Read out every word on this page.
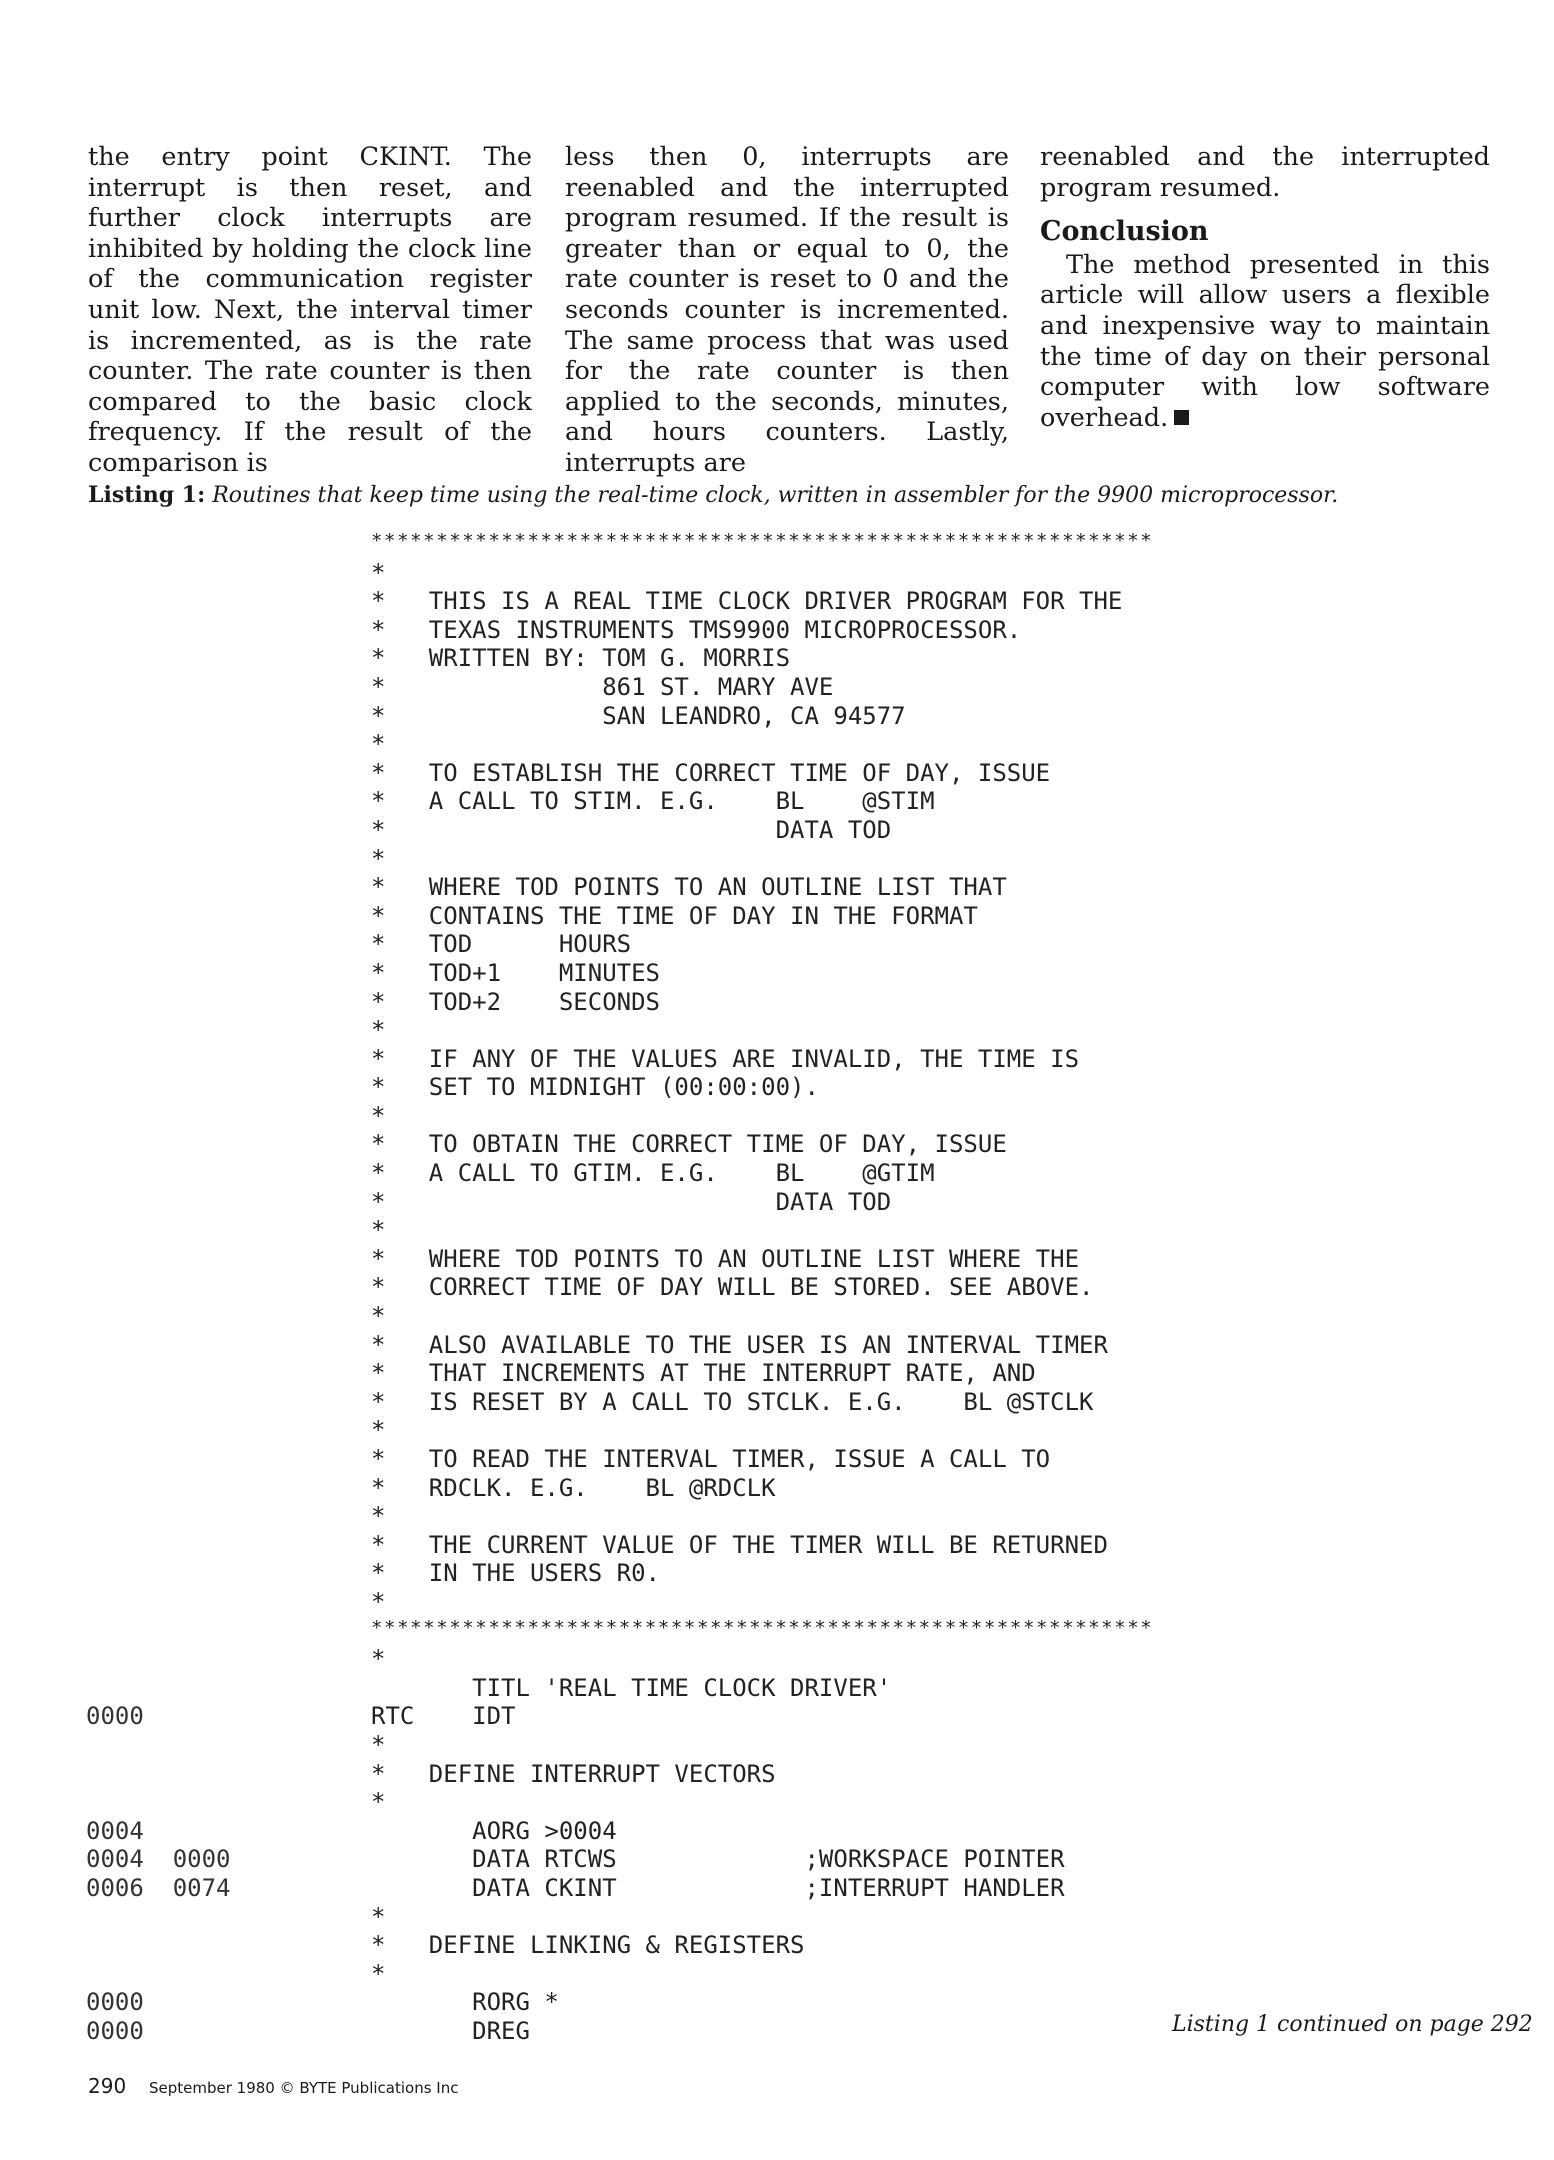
the entry point CKINT. The interrupt is then reset, and further clock interrupts are inhibited by holding the clock line of the communication register unit low. Next, the interval timer is incremented, as is the rate counter. The rate counter is then compared to the basic clock frequency. If the result of the comparison is

less then 0, interrupts are reenabled and the interrupted program resumed. If the result is greater than or equal to 0, the rate counter is reset to 0 and the seconds counter is incremented. The same process that was used for the rate counter is then applied to the seconds, minutes, and hours counters. Lastly, interrupts are

reenabled and the interrupted program resumed.

Conclusion

The method presented in this article will allow users a flexible and inexpensive way to maintain the time of day on their personal computer with low software overhead.

Listing 1: Routines that keep time using the real-time clock, written in assembler for the 9900 microprocessor.
************************************************************
*
*   THIS IS A REAL TIME CLOCK DRIVER PROGRAM FOR THE
*   TEXAS INSTRUMENTS TMS9900 MICROPROCESSOR.
*   WRITTEN BY: TOM G. MORRIS
*               861 ST. MARY AVE
*               SAN LEANDRO, CA 94577
*
*   TO ESTABLISH THE CORRECT TIME OF DAY, ISSUE
*   A CALL TO STIM. E.G.    BL    @STIM
*                           DATA TOD
*
*   WHERE TOD POINTS TO AN OUTLINE LIST THAT
*   CONTAINS THE TIME OF DAY IN THE FORMAT
*   TOD      HOURS
*   TOD+1    MINUTES
*   TOD+2    SECONDS
*
*   IF ANY OF THE VALUES ARE INVALID, THE TIME IS
*   SET TO MIDNIGHT (00:00:00).
*
*   TO OBTAIN THE CORRECT TIME OF DAY, ISSUE
*   A CALL TO GTIM. E.G.    BL    @GTIM
*                           DATA TOD
*
*   WHERE TOD POINTS TO AN OUTLINE LIST WHERE THE
*   CORRECT TIME OF DAY WILL BE STORED. SEE ABOVE.
*
*   ALSO AVAILABLE TO THE USER IS AN INTERVAL TIMER
*   THAT INCREMENTS AT THE INTERRUPT RATE, AND
*   IS RESET BY A CALL TO STCLK. E.G.    BL @STCLK
*
*   TO READ THE INTERVAL TIMER, ISSUE A CALL TO
*   RDCLK. E.G.    BL @RDCLK
*
*   THE CURRENT VALUE OF THE TIMER WILL BE RETURNED
*   IN THE USERS R0.
*
************************************************************
*
TITL 'REAL TIME CLOCK DRIVER'
0000	RTC    IDT
*
*   DEFINE INTERRUPT VECTORS
*
0004	AORG >0004
0004  0000	DATA RTCWS             ;WORKSPACE POINTER
0006  0074	DATA CKINT             ;INTERRUPT HANDLER
*
*   DEFINE LINKING & REGISTERS
*
0000	RORG *
0000	DREG	Listing 1 continued on page 292
290 September 1980 © BYTE Publications Inc
